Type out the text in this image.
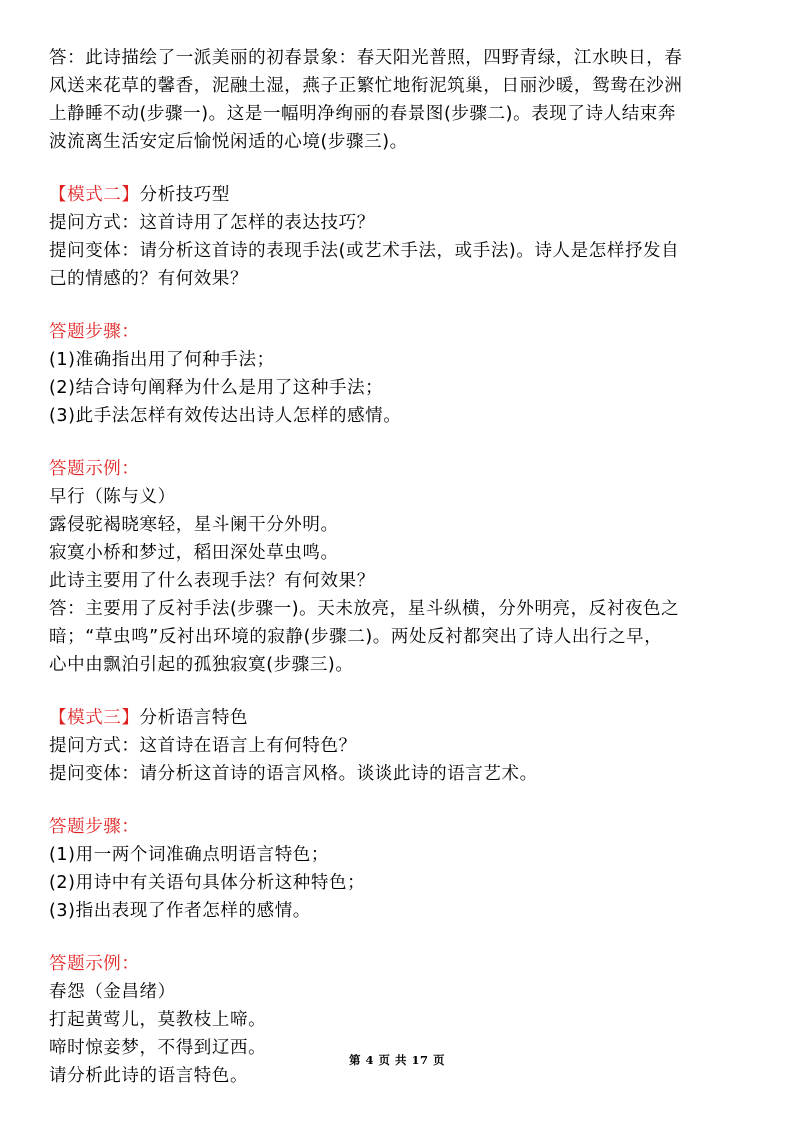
答：此诗描绘了一派美丽的初春景象：春天阳光普照，四野青绿，江水映日，春
风送来花草的馨香，泥融土湿，燕子正繁忙地衔泥筑巢，日丽沙暖，鸳鸯在沙洲
上静睡不动(步骤一)。这是一幅明净绚丽的春景图(步骤二)。表现了诗人结束奔
波流离生活安定后愉悦闲适的心境(步骤三)。
【模式二】分析技巧型
提问方式：这首诗用了怎样的表达技巧？
提问变体：请分析这首诗的表现手法(或艺术手法，或手法)。诗人是怎样抒发自
己的情感的？有何效果？
答题步骤：
(1)准确指出用了何种手法；
(2)结合诗句阐释为什么是用了这种手法；
(3)此手法怎样有效传达出诗人怎样的感情。
答题示例：
早行（陈与义）
露侵驼褐晓寒轻，星斗阑干分外明。
寂寞小桥和梦过，稻田深处草虫鸣。
此诗主要用了什么表现手法？有何效果？
答：主要用了反衬手法(步骤一)。天未放亮，星斗纵横，分外明亮，反衬夜色之
暗；“草虫鸣”反衬出环境的寂静(步骤二)。两处反衬都突出了诗人出行之早，
心中由飘泊引起的孤独寂寞(步骤三)。
【模式三】分析语言特色
提问方式：这首诗在语言上有何特色？
提问变体：请分析这首诗的语言风格。谈谈此诗的语言艺术。
答题步骤：
(1)用一两个词准确点明语言特色；
(2)用诗中有关语句具体分析这种特色；
(3)指出表现了作者怎样的感情。
答题示例：
春怨（金昌绪）
打起黄莺儿，莫教枝上啼。
啼时惊妾梦，不得到辽西。
请分析此诗的语言特色。
第 4 页 共 17 页
